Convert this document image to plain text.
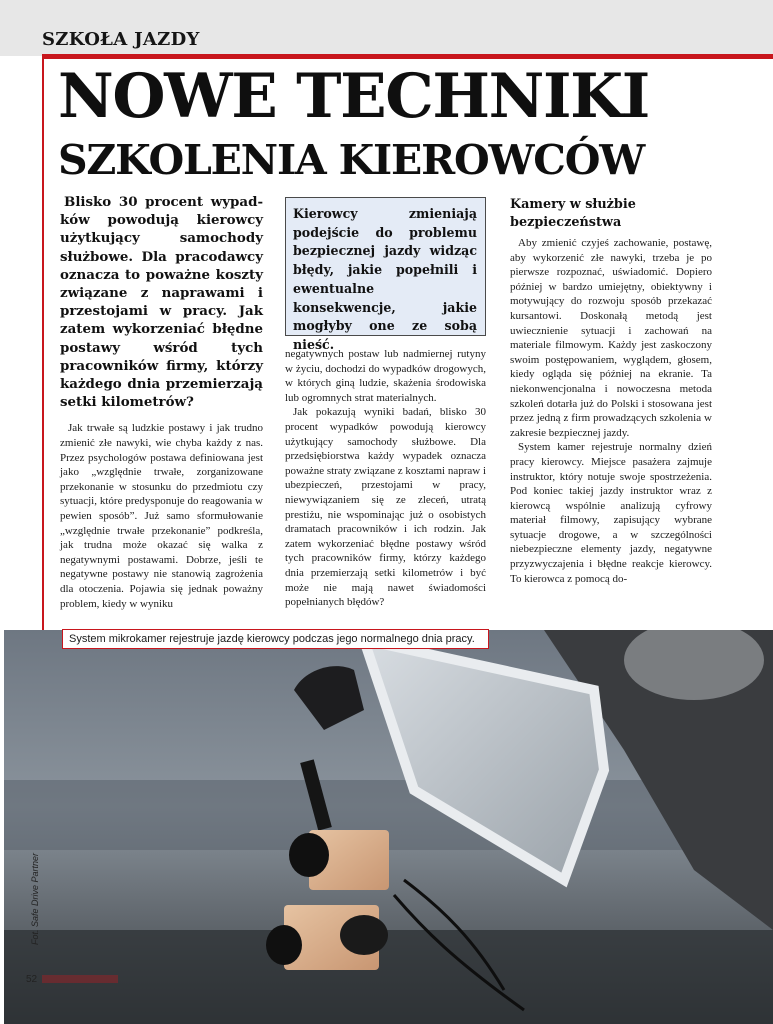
SZKOŁA JAZDY
NOWE TECHNIKI
SZKOLENIA KIEROWCÓW

Blisko 30 procent wypadków powodują kierowcy użytkujący samochody służbowe. Dla pracodawcy oznacza to poważne koszty związane z naprawami i przestojami w pracy. Jak zatem wykorzeniać błędne postawy wśród tych pracowników firmy, którzy każdego dnia przemierzają setki kilometrów?

Jak trwałe są ludzkie postawy i jak trudno zmienić złe nawyki, wie chyba każdy z nas. Przez psychologów postawa definiowana jest jako „względnie trwałe, zorganizowane przekonanie w stosunku do przedmiotu czy sytuacji, które predysponuje do reagowania w pewien sposób”. Już samo sformułowanie „względnie trwałe przekonanie” podkreśla, jak trudna może okazać się walka z negatywnymi postawami. Dobrze, jeśli te negatywne postawy nie stanowią zagrożenia dla otoczenia. Pojawia się jednak poważny problem, kiedy w wyniku

Kierowcy zmieniają podejście do problemu bezpiecznej jazdy widząc błędy, jakie popełnili i ewentualne konsekwencje, jakie mogłyby one ze sobą nieść.

negatywnych postaw lub nadmiernej rutyny w życiu, dochodzi do wypadków drogowych, w których giną ludzie, skażenia środowiska lub ogromnych strat materialnych.

Jak pokazują wyniki badań, blisko 30 procent wypadków powodują kierowcy użytkujący samochody służbowe. Dla przedsiębiorstwa każdy wypadek oznacza poważne straty związane z kosztami napraw i ubezpieczeń, przestojami w pracy, niewywiązaniem się ze zleceń, utratą prestiżu, nie wspominając już o osobistych dramatach pracowników i ich rodzin. Jak zatem wykorzeniać błędne postawy wśród tych pracowników firmy, którzy każdego dnia przemierzają setki kilometrów i być może nie mają nawet świadomości popełnianych błędów?

Kamery w służbie bezpieczeństwa

Aby zmienić czyjeś zachowanie, postawę, aby wykorzenić złe nawyki, trzeba je po pierwsze rozpoznać, uświadomić. Dopiero później w bardzo umiejętny, obiektywny i motywujący do rozwoju sposób przekazać kursantowi. Doskonałą metodą jest uwiecznienie sytuacji i zachowań na materiale filmowym. Każdy jest zaskoczony swoim postępowaniem, wyglądem, głosem, kiedy ogląda się później na ekranie. Ta niekonwencjonalna i nowoczesna metoda szkoleń dotarła już do Polski i stosowana jest przez jedną z firm prowadzących szkolenia w zakresie bezpiecznej jazdy.

System kamer rejestruje normalny dzień pracy kierowcy. Miejsce pasażera zajmuje instruktor, który notuje swoje spostrzeżenia. Pod koniec takiej jazdy instruktor wraz z kierowcą wspólnie analizują cyfrowy materiał filmowy, zapisujący wybrane sytuacje drogowe, a w szczególności niebezpieczne elementy jazdy, negatywne przyzwyczajenia i błędne reakcje kierowcy. To kierowca z pomocą do-

System mikrokamer rejestruje jazdę kierowcy podczas jego normalnego dnia pracy.
Fot. Safe Drive Partner
52
